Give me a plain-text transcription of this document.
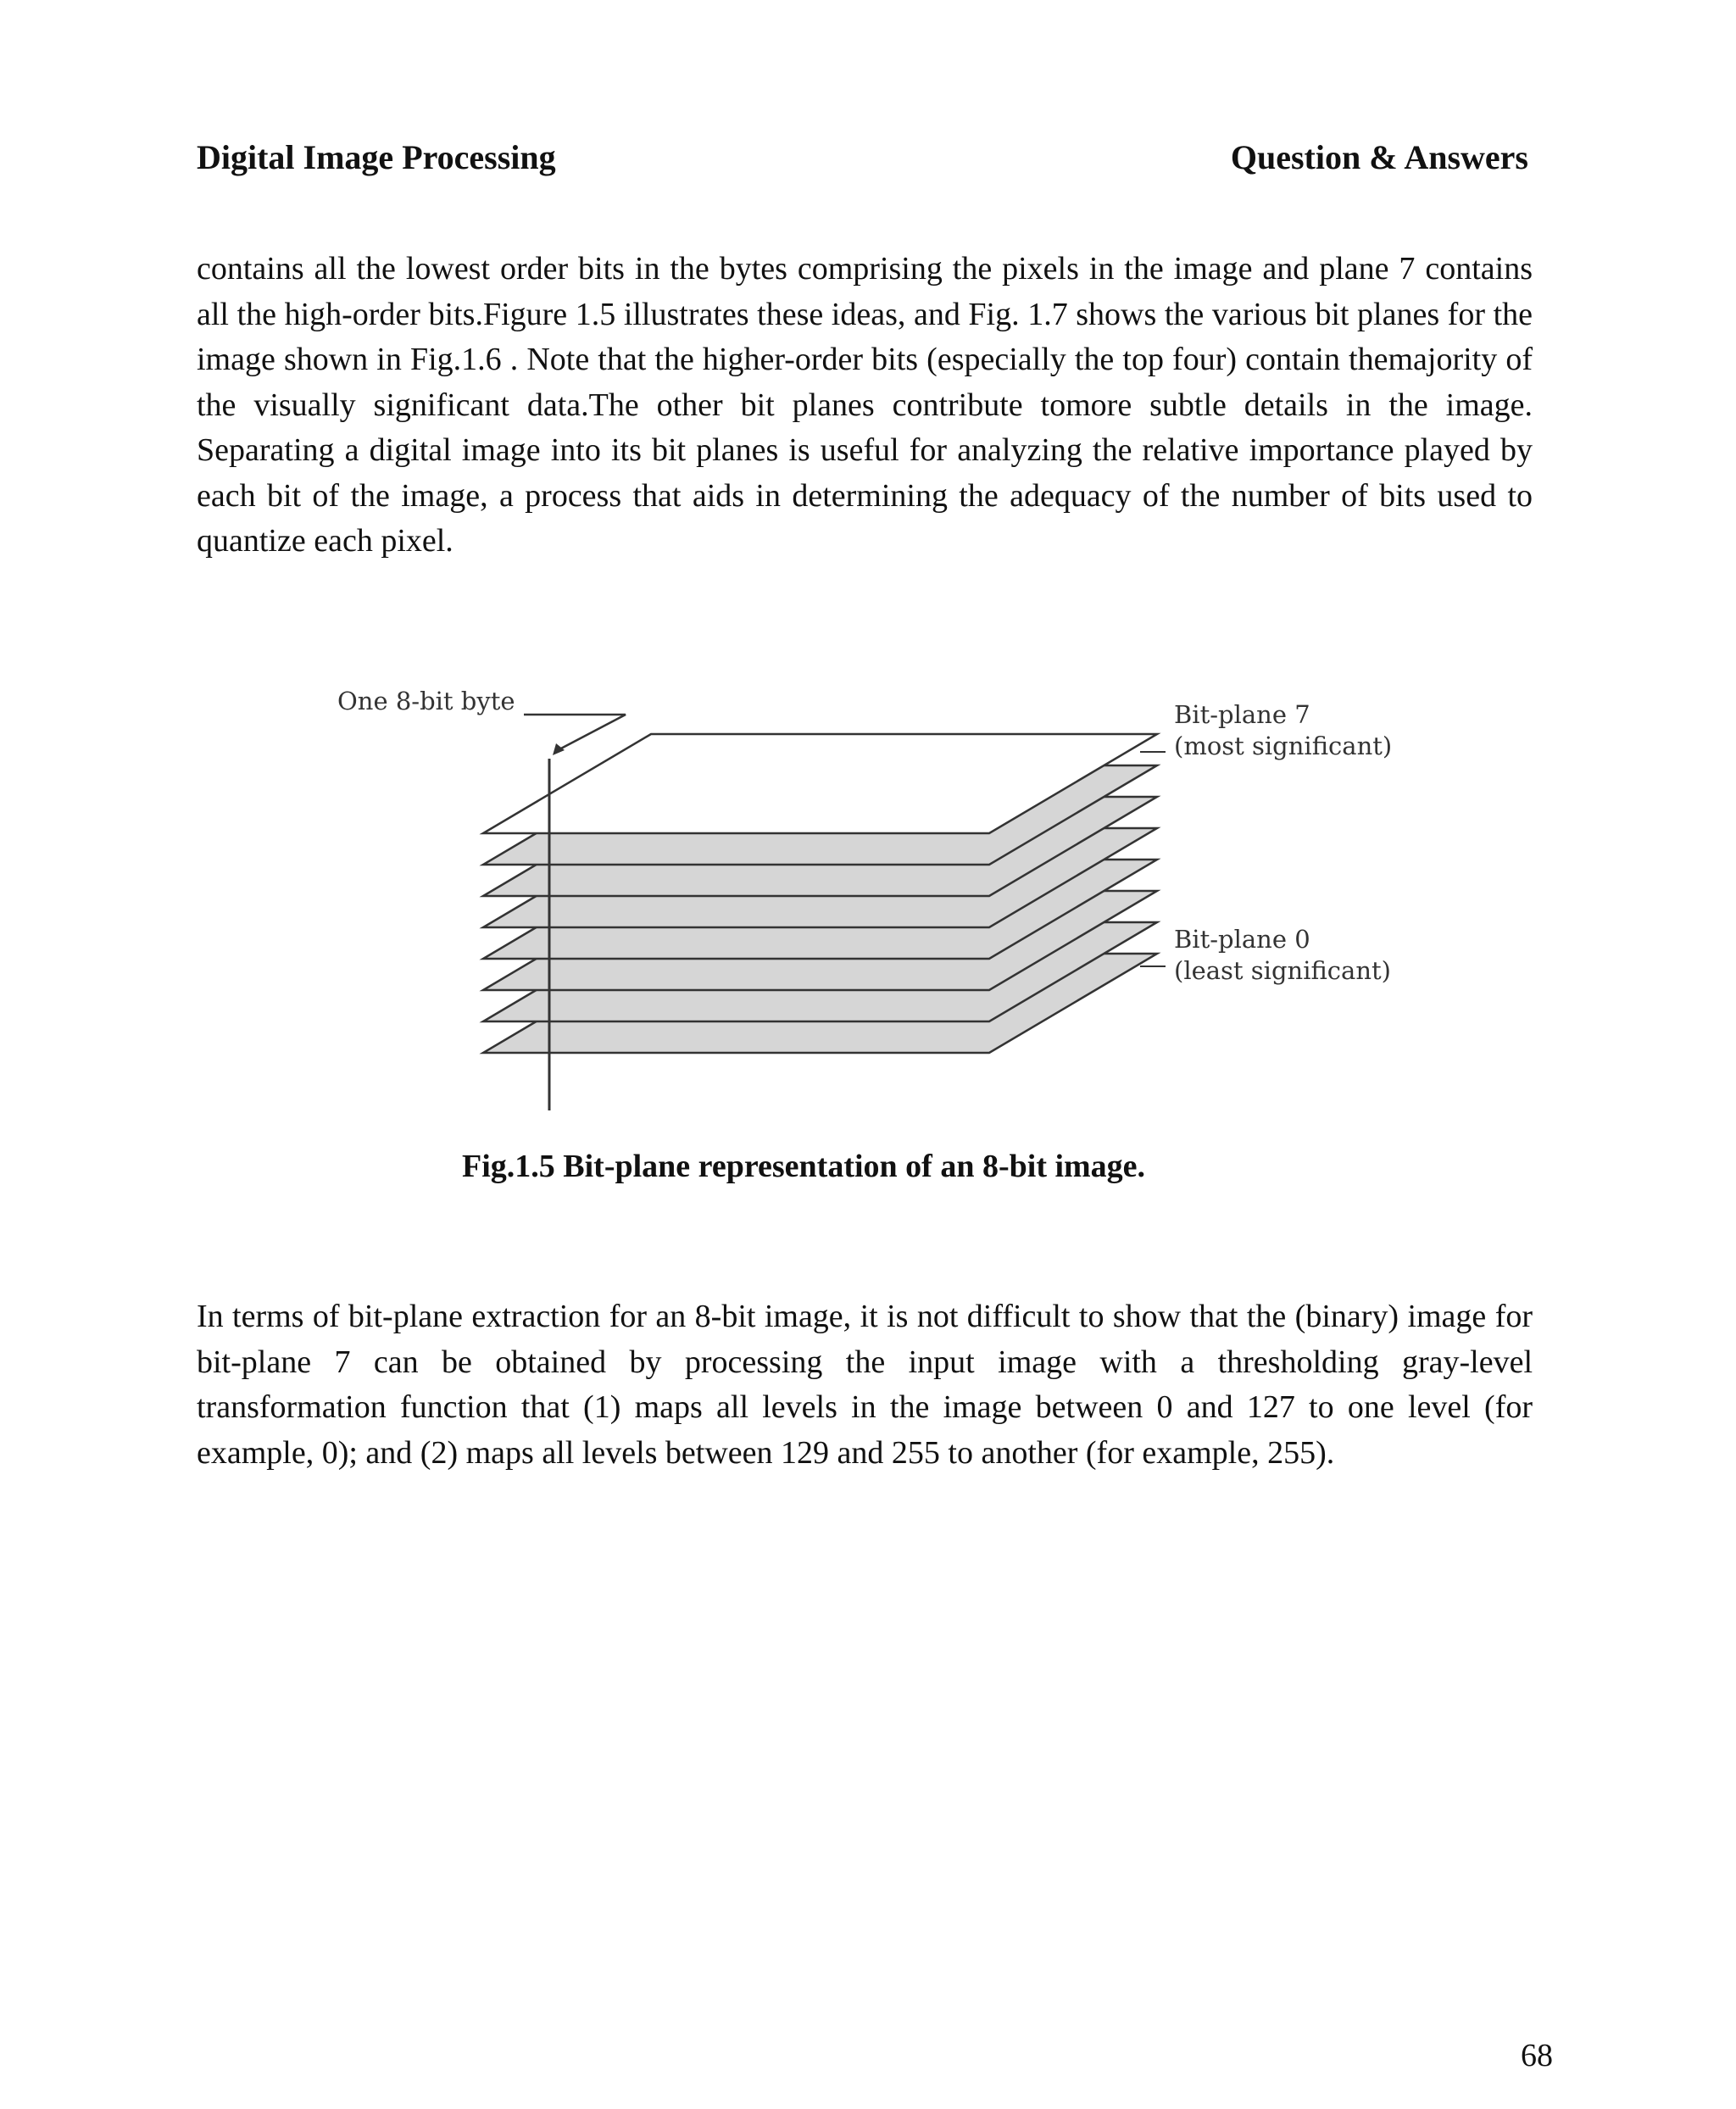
Digital Image Processing	Question & Answers

contains all the lowest order bits in the bytes comprising the pixels in the image and plane 7 contains all the high-order bits.Figure 1.5 illustrates these ideas, and Fig. 1.7 shows the various bit planes for the image shown in Fig.1.6 . Note that the higher-order bits (especially the top four) contain themajority of the visually significant data.The other bit planes contribute tomore subtle details in the image. Separating a digital image into its bit planes is useful for analyzing the relative importance played by each bit of the image, a process that aids in determining the adequacy of the number of bits used to quantize each pixel.

One 8-bit byte	Bit-plane 7
(most significant)
Bit-plane 0
(least significant)
Fig.1.5 Bit-plane representation of an 8-bit image.

In terms of bit-plane extraction for an 8-bit image, it is not difficult to show that the (binary) image for bit-plane 7 can be obtained by processing the input image with a thresholding gray-level transformation function that (1) maps all levels in the image between 0 and 127 to one level (for example, 0); and (2) maps all levels between 129 and 255 to another (for example, 255).

68
